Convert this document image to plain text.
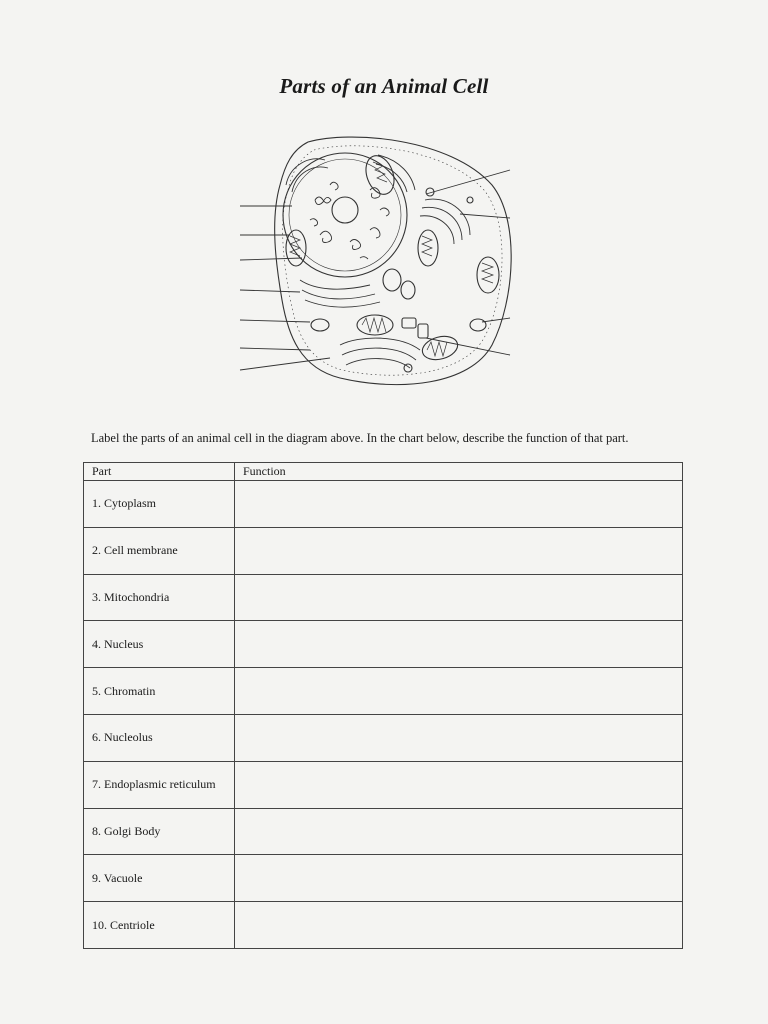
Parts of an Animal Cell
Label the parts of an animal cell in the diagram above. In the chart below, describe the function of that part.
Part	Function
1. Cytoplasm	
2. Cell membrane	
3. Mitochondria	
4. Nucleus	
5. Chromatin	
6. Nucleolus	
7. Endoplasmic reticulum	
8. Golgi Body	
9. Vacuole	
10. Centriole	
